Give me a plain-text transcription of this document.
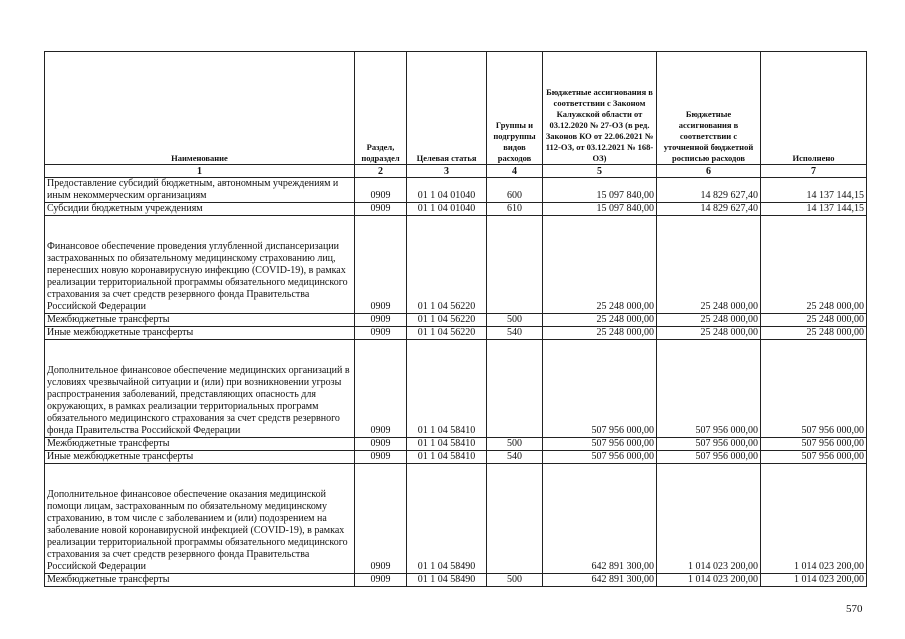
Наименование	Раздел, подраздел	Целевая статья	Группы и подгруппы видов расходов	Бюджетные ассигнования в соответствии с Законом Калужской области от 03.12.2020 № 27-ОЗ (в ред. Законов КО от 22.06.2021 № 112-ОЗ, от 03.12.2021 № 168-ОЗ)	Бюджетные ассигнования в соответствии с уточненной бюджетной росписью расходов	Исполнено
1	2	3	4	5	6	7
Предоставление субсидий бюджетным, автономным учреждениям и иным некоммерческим организациям	0909	01 1 04 01040	600	15 097 840,00	14 829 627,40	14 137 144,15
Субсидии бюджетным учреждениям	0909	01 1 04 01040	610	15 097 840,00	14 829 627,40	14 137 144,15
Финансовое обеспечение проведения углубленной диспансеризации застрахованных по обязательному медицинскому страхованию лиц, перенесших новую коронавирусную инфекцию (COVID-19), в рамках реализации территориальной программы обязательного медицинского страхования за счет средств резервного фонда Правительства Российской Федерации	0909	01 1 04 56220		25 248 000,00	25 248 000,00	25 248 000,00
Межбюджетные трансферты	0909	01 1 04 56220	500	25 248 000,00	25 248 000,00	25 248 000,00
Иные межбюджетные трансферты	0909	01 1 04 56220	540	25 248 000,00	25 248 000,00	25 248 000,00
Дополнительное финансовое обеспечение медицинских организаций в условиях чрезвычайной ситуации и (или) при возникновении угрозы распространения заболеваний, представляющих опасность для окружающих, в рамках реализации территориальных программ обязательного медицинского страхования за счет средств резервного фонда Правительства Российской Федерации	0909	01 1 04 58410		507 956 000,00	507 956 000,00	507 956 000,00
Межбюджетные трансферты	0909	01 1 04 58410	500	507 956 000,00	507 956 000,00	507 956 000,00
Иные межбюджетные трансферты	0909	01 1 04 58410	540	507 956 000,00	507 956 000,00	507 956 000,00
Дополнительное финансовое обеспечение оказания медицинской помощи лицам, застрахованным по обязательному медицинскому страхованию, в том числе с заболеванием и (или) подозрением на заболевание новой коронавирусной инфекцией (COVID-19), в рамках реализации территориальной программы обязательного медицинского страхования за счет средств резервного фонда Правительства Российской Федерации	0909	01 1 04 58490		642 891 300,00	1 014 023 200,00	1 014 023 200,00
Межбюджетные трансферты	0909	01 1 04 58490	500	642 891 300,00	1 014 023 200,00	1 014 023 200,00
570
